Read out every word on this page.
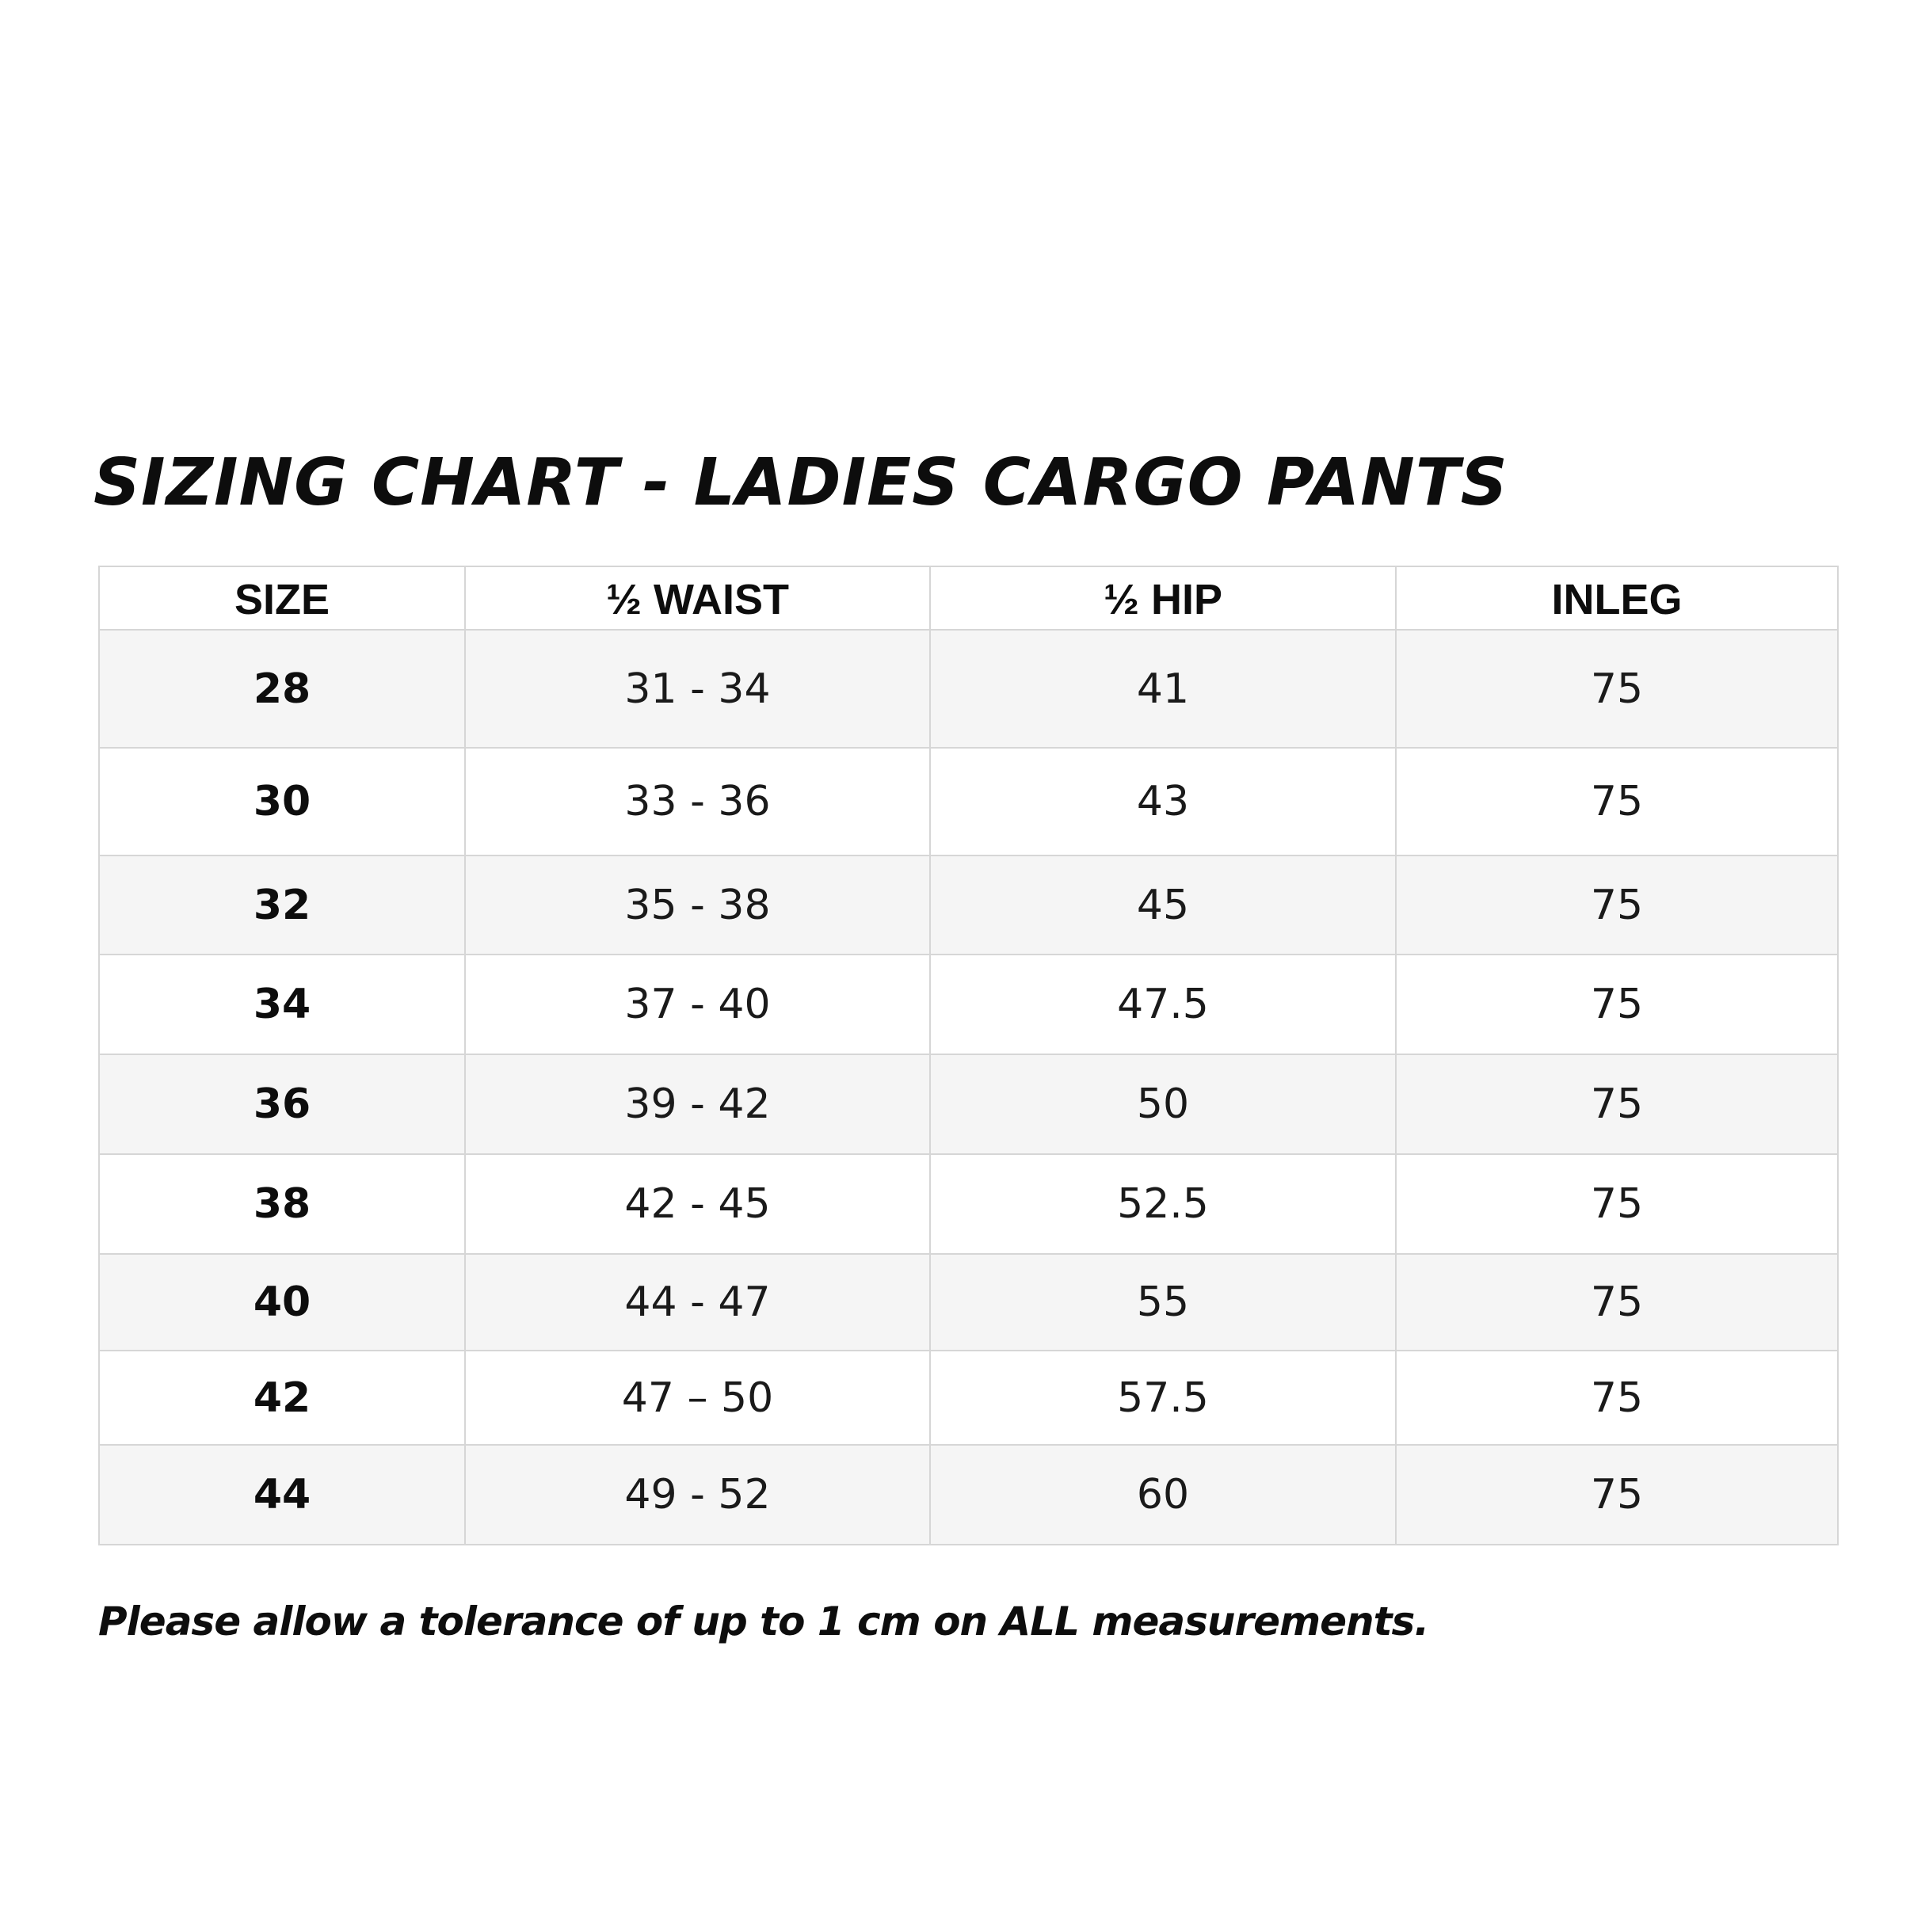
SIZING CHART - LADIES CARGO PANTS
SIZE	½ WAIST	½ HIP	INLEG
28	31 - 34	41	75
30	33 - 36	43	75
32	35 - 38	45	75
34	37 - 40	47.5	75
36	39 - 42	50	75
38	42 - 45	52.5	75
40	44 - 47	55	75
42	47 – 50	57.5	75
44	49 - 52	60	75

Please allow a tolerance of up to 1 cm on ALL measurements.
